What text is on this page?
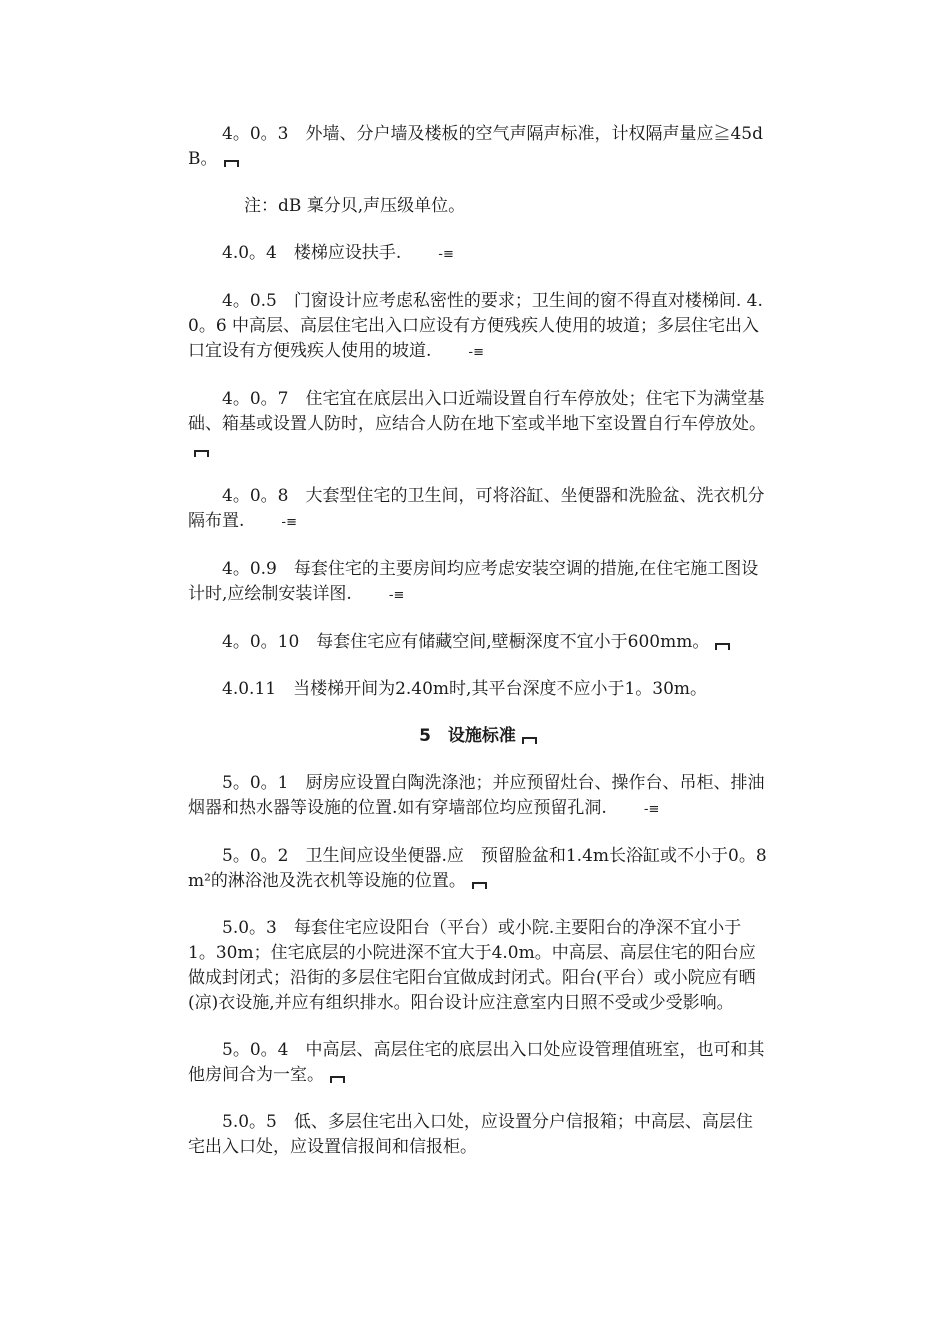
4。0。3　外墙、分户墙及楼板的空气声隔声标准，计权隔声量应≧45dB。

注：dB 稟分贝,声压级单位。

4.0。4　楼梯应设扶手.	-≡

4。0.5　门窗设计应考虑私密性的要求；卫生间的窗不得直对楼梯间. 4.0。6 中高层、高层住宅出入口应设有方便残疾人使用的坡道；多层住宅出入口宜设有方便残疾人使用的坡道.	-≡

4。0。7　住宅宜在底层出入口近端设置自行车停放处；住宅下为满堂基础、箱基或设置人防时，应结合人防在地下室或半地下室设置自行车停放处。

4。0。8　大套型住宅的卫生间，可将浴缸、坐便器和洗脸盆、洗衣机分隔布置.	-≡

4。0.9　每套住宅的主要房间均应考虑安装空调的措施,在住宅施工图设计时,应绘制安装详图.	-≡

4。0。10　每套住宅应有储藏空间,壁橱深度不宜小于600mm。

4.0.11　当楼梯开间为2.40m时,其平台深度不应小于1。30m。

5　设施标准

5。0。1　厨房应设置白陶洗涤池；并应预留灶台、操作台、吊柜、排油烟器和热水器等设施的位置.如有穿墙部位均应预留孔洞.	-≡

5。0。2　卫生间应设坐便器.应　预留脸盆和1.4m长浴缸或不小于0。8m²的淋浴池及洗衣机等设施的位置。

5.0。3　每套住宅应设阳台（平台）或小院.主要阳台的净深不宜小于1。30m；住宅底层的小院进深不宜大于4.0m。中高层、高层住宅的阳台应做成封闭式；沿街的多层住宅阳台宜做成封闭式。阳台(平台）或小院应有晒(凉)衣设施,并应有组织排水。阳台设计应注意室内日照不受或少受影响。

5。0。4　中高层、高层住宅的底层出入口处应设管理值班室，也可和其他房间合为一室。

5.0。5　低、多层住宅出入口处，应设置分户信报箱；中高层、高层住宅出入口处，应设置信报间和信报柜。
